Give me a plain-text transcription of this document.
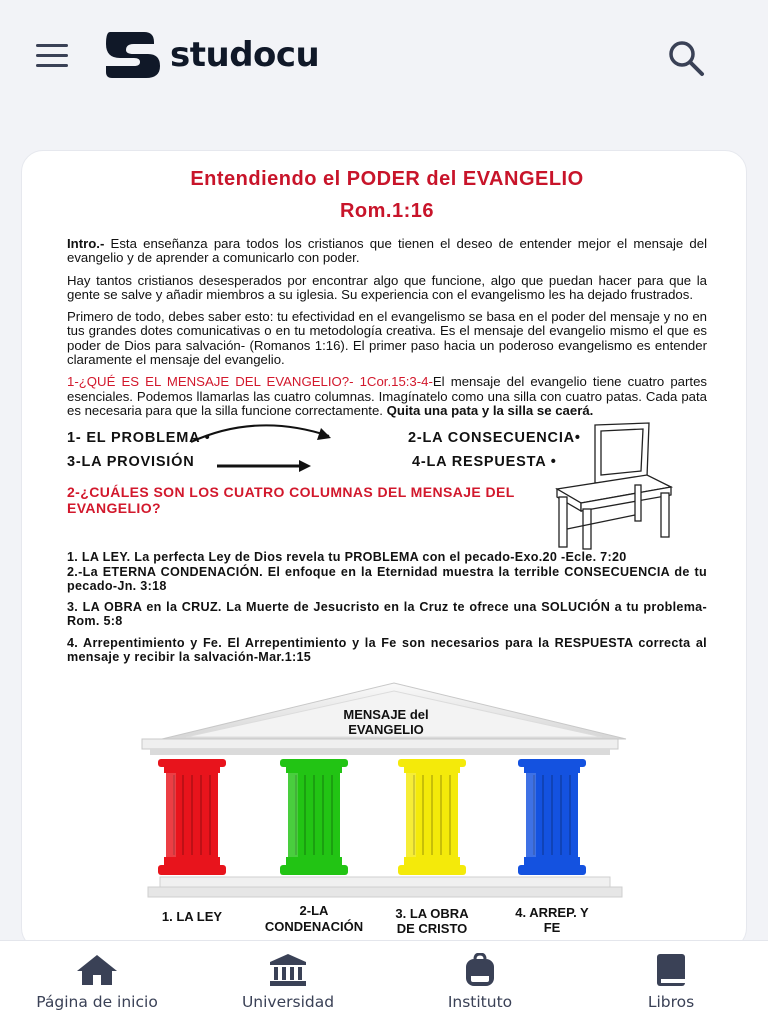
studocu
Entendiendo el PODER del EVANGELIO
Rom.1:16

Intro.- Esta enseñanza para todos los cristianos que tienen el deseo de entender mejor el mensaje del evangelio y de aprender a comunicarlo con poder.

Hay tantos cristianos desesperados por encontrar algo que funcione, algo que puedan hacer para que la gente se salve y añadir miembros a su iglesia. Su experiencia con el evangelismo les ha dejado frustrados.

Primero de todo, debes saber esto: tu efectividad en el evangelismo se basa en el poder del mensaje y no en tus grandes dotes comunicativas o en tu metodología creativa. Es el mensaje del evangelio mismo el que es poder de Dios para salvación- (Romanos 1:16). El primer paso hacia un poderoso evangelismo es entender claramente el mensaje del evangelio.

1-¿QUÉ ES EL MENSAJE DEL EVANGELIO?- 1Cor.15:3-4-El mensaje del evangelio tiene cuatro partes esenciales. Podemos llamarlas las cuatro columnas. Imagínatelo como una silla con cuatro patas. Cada pata es necesaria para que la silla funcione correctamente. Quita una pata y la silla se caerá.

1- EL PROBLEMA •	2-LA CONSECUENCIA•
3-LA PROVISIÓN	4-LA RESPUESTA •
2-¿CUÁLES SON LOS CUATRO COLUMNAS DEL MENSAJE DEL EVANGELIO?

1. LA LEY. La perfecta Ley de Dios revela tu PROBLEMA con el pecado-Exo.20 -Ecle. 7:20

2.-La ETERNA CONDENACIÓN. El enfoque en la Eternidad muestra la terrible CONSECUENCIA de tu pecado-Jn. 3:18

3. LA OBRA en la CRUZ. La Muerte de Jesucristo en la Cruz te ofrece una SOLUCIÓN a tu problema-Rom. 5:8

4. Arrepentimiento y Fe. El Arrepentimiento y la Fe son necesarios para la RESPUESTA correcta al mensaje y recibir la salvación-Mar.1:15

MENSAJE del
EVANGELIO
1. LA LEY	2-LA
CONDENACIÓN
3. LA OBRA
DE CRISTO
4. ARREP. Y
FE
Página de inicio	Universidad	Instituto	Libros
